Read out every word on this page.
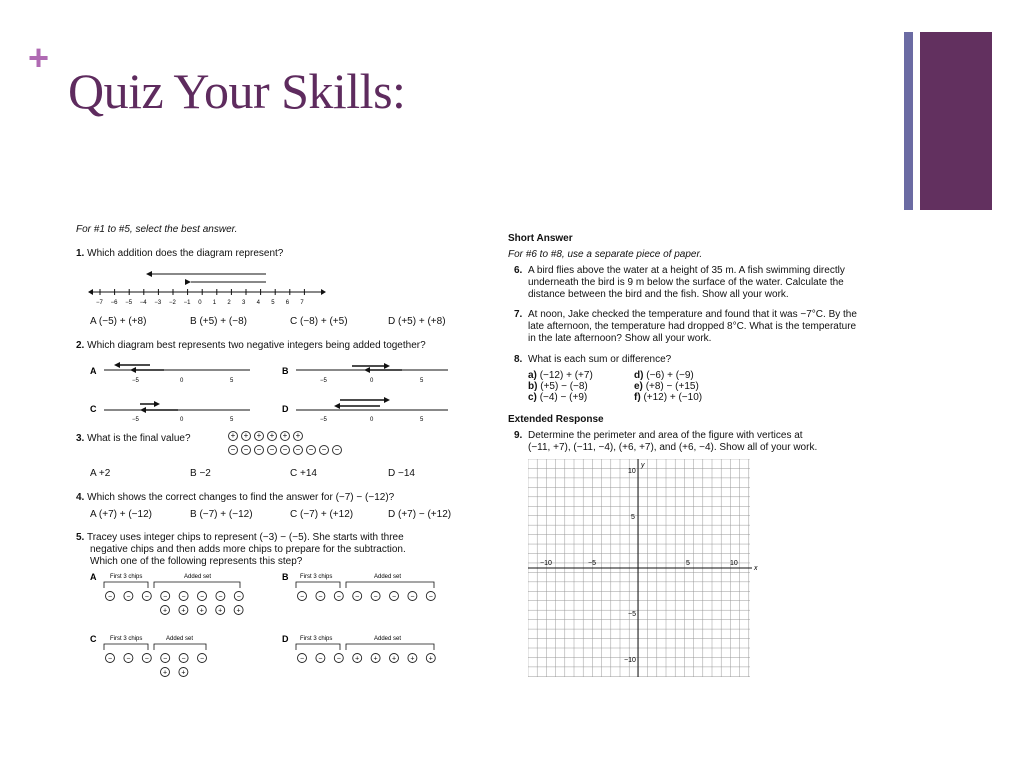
+
Quiz Your Skills:
For #1 to #5, select the best answer.
1. Which addition does the diagram represent?
−7 −6 −5 −4 −3 −2 −1 0 1 2 3 4 5 6 7
A (−5) + (+8)	B (+5) + (−8)	C (−8) + (+5)	D (+5) + (+8)
2. Which diagram best represents two negative integers being added together?
A
−5	0	5
B
−5	0	5
C
−5	0	5
D
−5	0	5
3. What is the final value?	+ + + + + +
− − − − − − − − −
A +2	B −2	C +14	D −14
4. Which shows the correct changes to find the answer for (−7) − (−12)?
A (+7) + (−12)	B (−7) + (−12)	C (−7) + (+12)	D (+7) − (+12)
5. Tracey uses integer chips to represent (−3) − (−5). She starts with three
negative chips and then adds more chips to prepare for the subtraction.
Which one of the following represents this step?
A	B
C	D
First 3 chips	Added set	First 3 chips	Added set
First 3 chips	Added set	First 3 chips	Added set
− − − − − − − −
+ + + + +
− − − − − − − −
− − − − − −
+ +
− − − + + + + +
Short Answer
For #6 to #8, use a separate piece of paper.
6. A bird flies above the water at a height of 35 m. A fish swimming directly
underneath the bird is 9 m below the surface of the water. Calculate the
distance between the bird and the fish. Show all your work.
7. At noon, Jake checked the temperature and found that it was −7°C. By the
late afternoon, the temperature had dropped 8°C. What is the temperature
in the late afternoon? Show all your work.
8. What is each sum or difference?
a) (−12) + (+7)
b) (+5) − (−8)
c) (−4) − (+9)
d) (−6) + (−9)
e) (+8) − (+15)
f) (+12) + (−10)
Extended Response
9. Determine the perimeter and area of the figure with vertices at
(−11, +7), (−11, −4), (+6, +7), and (+6, −4). Show all of your work.
x
y
−10	−5	5	10
10
5
−5
−10
